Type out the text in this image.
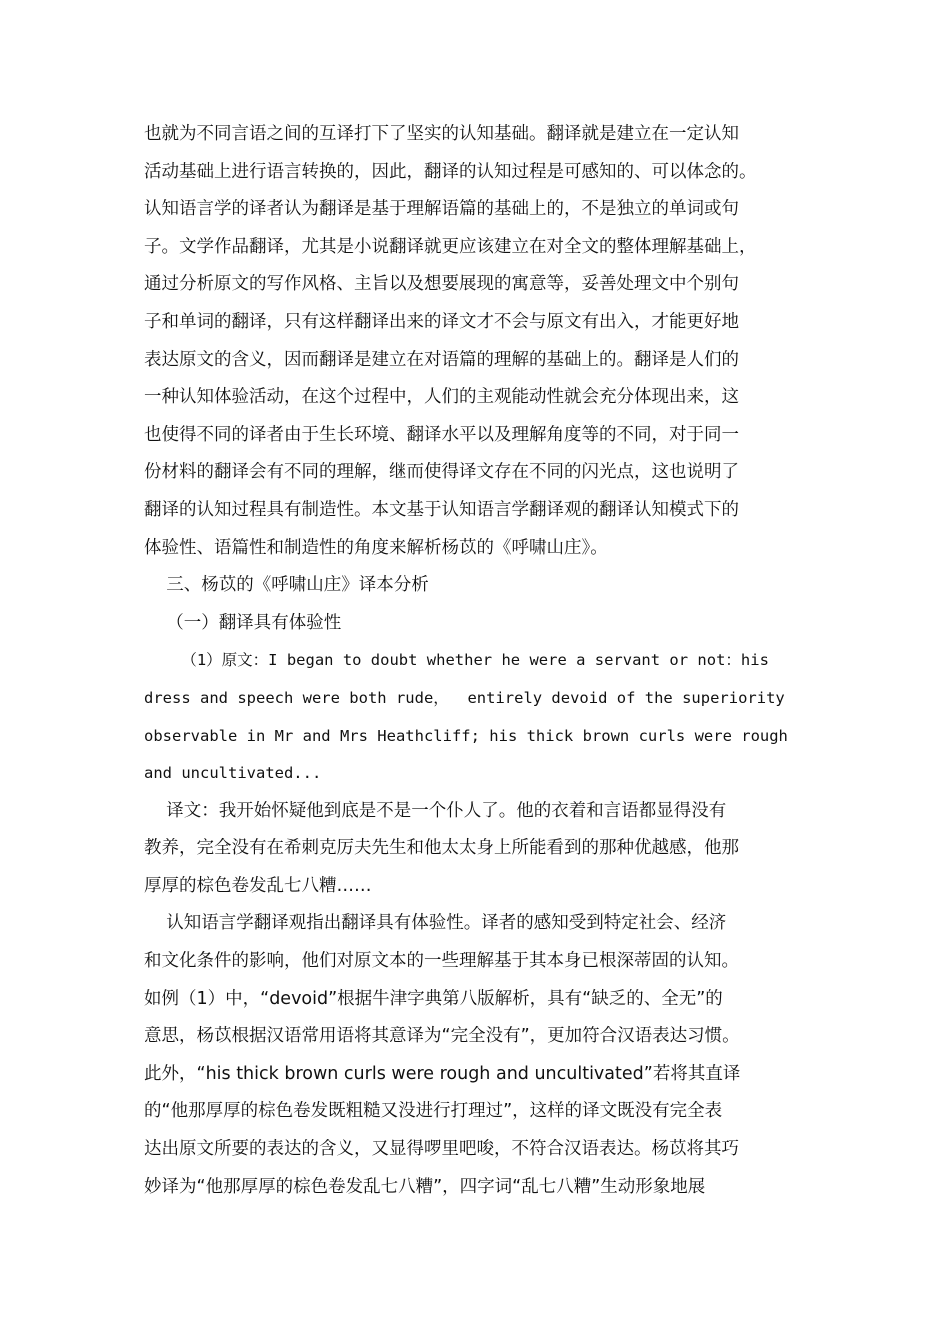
也就为不同言语之间的互译打下了坚实的认知基础。翻译就是建立在一定认知
活动基础上进行语言转换的，因此，翻译的认知过程是可感知的、可以体念的。
认知语言学的译者认为翻译是基于理解语篇的基础上的，不是独立的单词或句
子。文学作品翻译，尤其是小说翻译就更应该建立在对全文的整体理解基础上，
通过分析原文的写作风格、主旨以及想要展现的寓意等，妥善处理文中个别句
子和单词的翻译，只有这样翻译出来的译文才不会与原文有出入，才能更好地
表达原文的含义，因而翻译是建立在对语篇的理解的基础上的。翻译是人们的
一种认知体验活动，在这个过程中，人们的主观能动性就会充分体现出来，这
也使得不同的译者由于生长环境、翻译水平以及理解角度等的不同，对于同一
份材料的翻译会有不同的理解，继而使得译文存在不同的闪光点，这也说明了
翻译的认知过程具有制造性。本文基于认知语言学翻译观的翻译认知模式下的
体验性、语篇性和制造性的角度来解析杨苡的《呼啸山庄》。
三、杨苡的《呼啸山庄》译本分析
（一）翻译具有体验性
（1）原文：I began to doubt whether he were a servant or not：his
dress and speech were both rude，  entirely devoid of the superiority
observable in Mr and Mrs Heathcliff; his thick brown curls were rough
and uncultivated...
译文：我开始怀疑他到底是不是一个仆人了。他的衣着和言语都显得没有
教养，完全没有在希刺克厉夫先生和他太太身上所能看到的那种优越感，他那
厚厚的棕色卷发乱七八糟……
认知语言学翻译观指出翻译具有体验性。译者的感知受到特定社会、经济
和文化条件的影响，他们对原文本的一些理解基于其本身已根深蒂固的认知。
如例（1）中，“devoid”根据牛津字典第八版解析，具有“缺乏的、全无”的
意思，杨苡根据汉语常用语将其意译为“完全没有”，更加符合汉语表达习惯。
此外，“his thick brown curls were rough and uncultivated”若将其直译
的“他那厚厚的棕色卷发既粗糙又没进行打理过”，这样的译文既没有完全表
达出原文所要的表达的含义，又显得啰里吧唆，不符合汉语表达。杨苡将其巧
妙译为“他那厚厚的棕色卷发乱七八糟”，四字词“乱七八糟”生动形象地展
